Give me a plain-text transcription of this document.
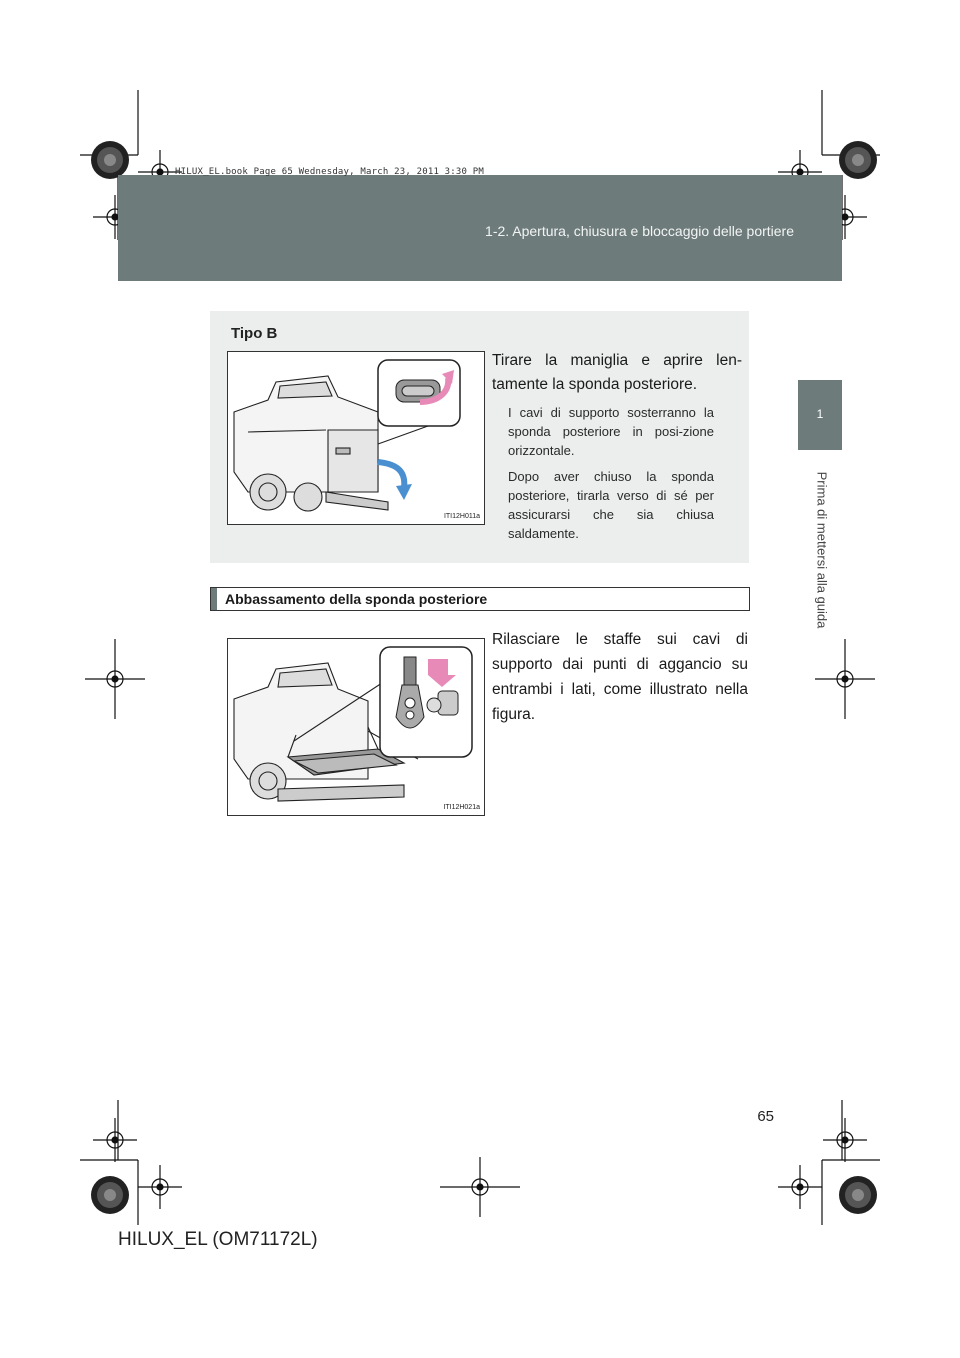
1-2. Apertura, chiusura e bloccaggio delle portiere
HILUX_EL.book Page 65 Wednesday, March 23, 2011 3:30 PM
1
Prima di mettersi alla guida
Tipo B
ITI12H011a
Tirare la maniglia e aprire len-tamente la sponda posteriore.
I cavi di supporto sosterranno la sponda posteriore in posi-zione orizzontale.
Dopo aver chiuso la sponda posteriore, tirarla verso di sé per assicurarsi che sia chiusa saldamente.
Abbassamento della sponda posteriore
ITI12H021a
Rilasciare le staffe sui cavi di supporto dai punti di aggancio su entrambi i lati, come illustrato nella figura.
65
HILUX_EL (OM71172L)
